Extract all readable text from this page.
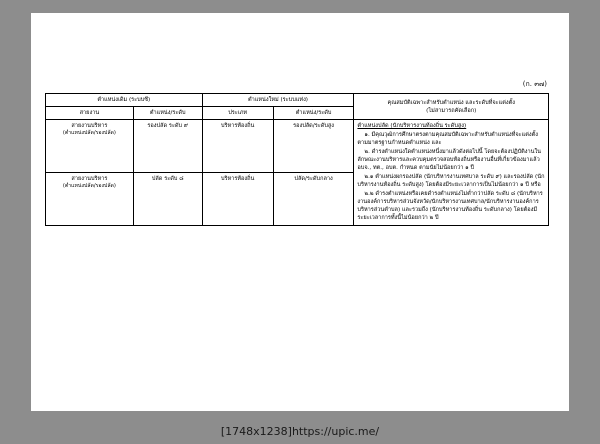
(ก. ๓๗)
ตำแหน่งเดิม (ระบบซี)		ตำแหน่งใหม่ (ระบบแท่ง)		คุณสมบัติเฉพาะสำหรับตำแหน่ง และระดับที่จะแต่งตั้ง
(ไม่สามารถคัดเลือก)

สายงาน	ตำแหน่ง/ระดับ	ประเภท	ตำแหน่ง/ระดับ	

สายงานบริหาร
(ตำแหน่งปลัด/รองปลัด)	รองปลัด ระดับ ๙	บริหารท้องถิ่น	รองปลัด/ระดับสูง	ตำแหน่งปลัด (นักบริหารงานท้องถิ่น ระดับสูง)
๑. มีคุณวุฒิการศึกษาตรงตามคุณสมบัติเฉพาะสำหรับตำแหน่งที่จะแต่งตั้งตามมาตรฐานกำหนดตำแหน่ง และ
๒. ดำรงตำแหน่งใดตำแหน่งหนึ่งมาแล้วดังต่อไปนี้ โดยจะต้องปฏิบัติงานในลักษณะงานบริหารและควบคุมตรวจสอบท้องถิ่นหรืองานอื่นที่เกี่ยวข้องมาแล้ว อบจ., ทต., อบต. กำหนด ตามนัยไม่น้อยกว่า ๑ ปี
๒.๑ ตำแหน่งผกรองปลัด (นักบริหารงานเทศบาล ระดับ ๙) และรองปลัด (นักบริหารงานท้องถิ่น ระดับสูง) โดยต้องมีระยะเวลาการเป็นไม่น้อยกว่า ๑ ปี หรือ
๒.๒ ดำรงตำแหน่งหรือเคยดำรงตำแหน่งไม่ต่ำกว่าปลัด ระดับ ๘ (นักบริหารงานองค์การบริหารส่วนจังหวัด/นักบริหารงานเทศบาล/นักบริหารงานองค์การบริหารส่วนตำบล) และรวมถึง (นักบริหารงานท้องถิ่น ระดับกลาง) โดยต้องมีระยะเวลาการทั้งนี้ไม่น้อยกว่า ๒ ปี

สายงานบริหาร
(ตำแหน่งปลัด/รองปลัด)	ปลัด ระดับ ๘	บริหารท้องถิ่น	ปลัด/ระดับกลาง	
[1748x1238]https://upic.me/
